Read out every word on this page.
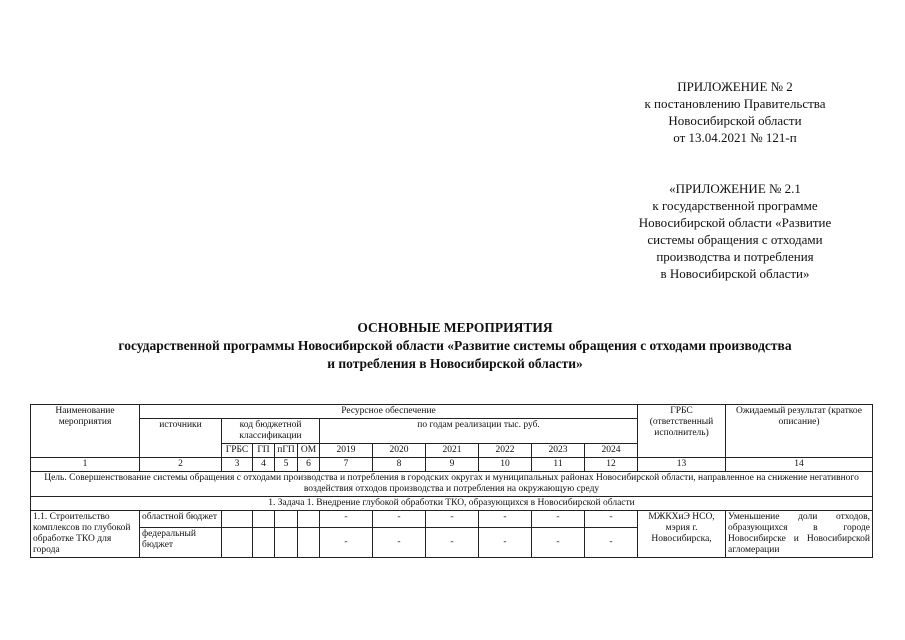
ПРИЛОЖЕНИЕ № 2
к постановлению Правительства
Новосибирской области
от 13.04.2021 № 121-п
«ПРИЛОЖЕНИЕ № 2.1
к государственной программе
Новосибирской области «Развитие
системы обращения с отходами
производства и потребления
в Новосибирской области»
ОСНОВНЫЕ МЕРОПРИЯТИЯ
государственной программы Новосибирской области «Развитие системы обращения с отходами производства
и потребления в Новосибирской области»
Наименование мероприятия	Ресурсное обеспечение											ГРБС (ответственный исполнитель)	Ожидаемый результат (краткое описание)
	источники	код бюджетной классификации				по годам реализации тыс. руб.							
		ГРБС	ГП	пГП	ОМ	2019	2020	2021	2022	2023	2024		
1	2	3	4	5	6	7	8	9	10	11	12	13	14
Цель. Совершенствование системы обращения с отходами производства и потребления в городских округах и муниципальных районах Новосибирской области, направленное на снижение негативного воздействия отходов производства и потребления на окружающую среду													
1. Задача 1. Внедрение глубокой обработки ТКО, образующихся в Новосибирской области													
1.1. Строительство комплексов по глубокой обработке ТКО для города	областной бюджет					-	-	-	-	-	-	МЖКХиЭ НСО, мэрия г. Новосибирска,	Уменьшение доли отходов, образующихся в городе Новосибирске и Новосибирской агломерации
	федеральный бюджет					-	-	-	-	-	-		
